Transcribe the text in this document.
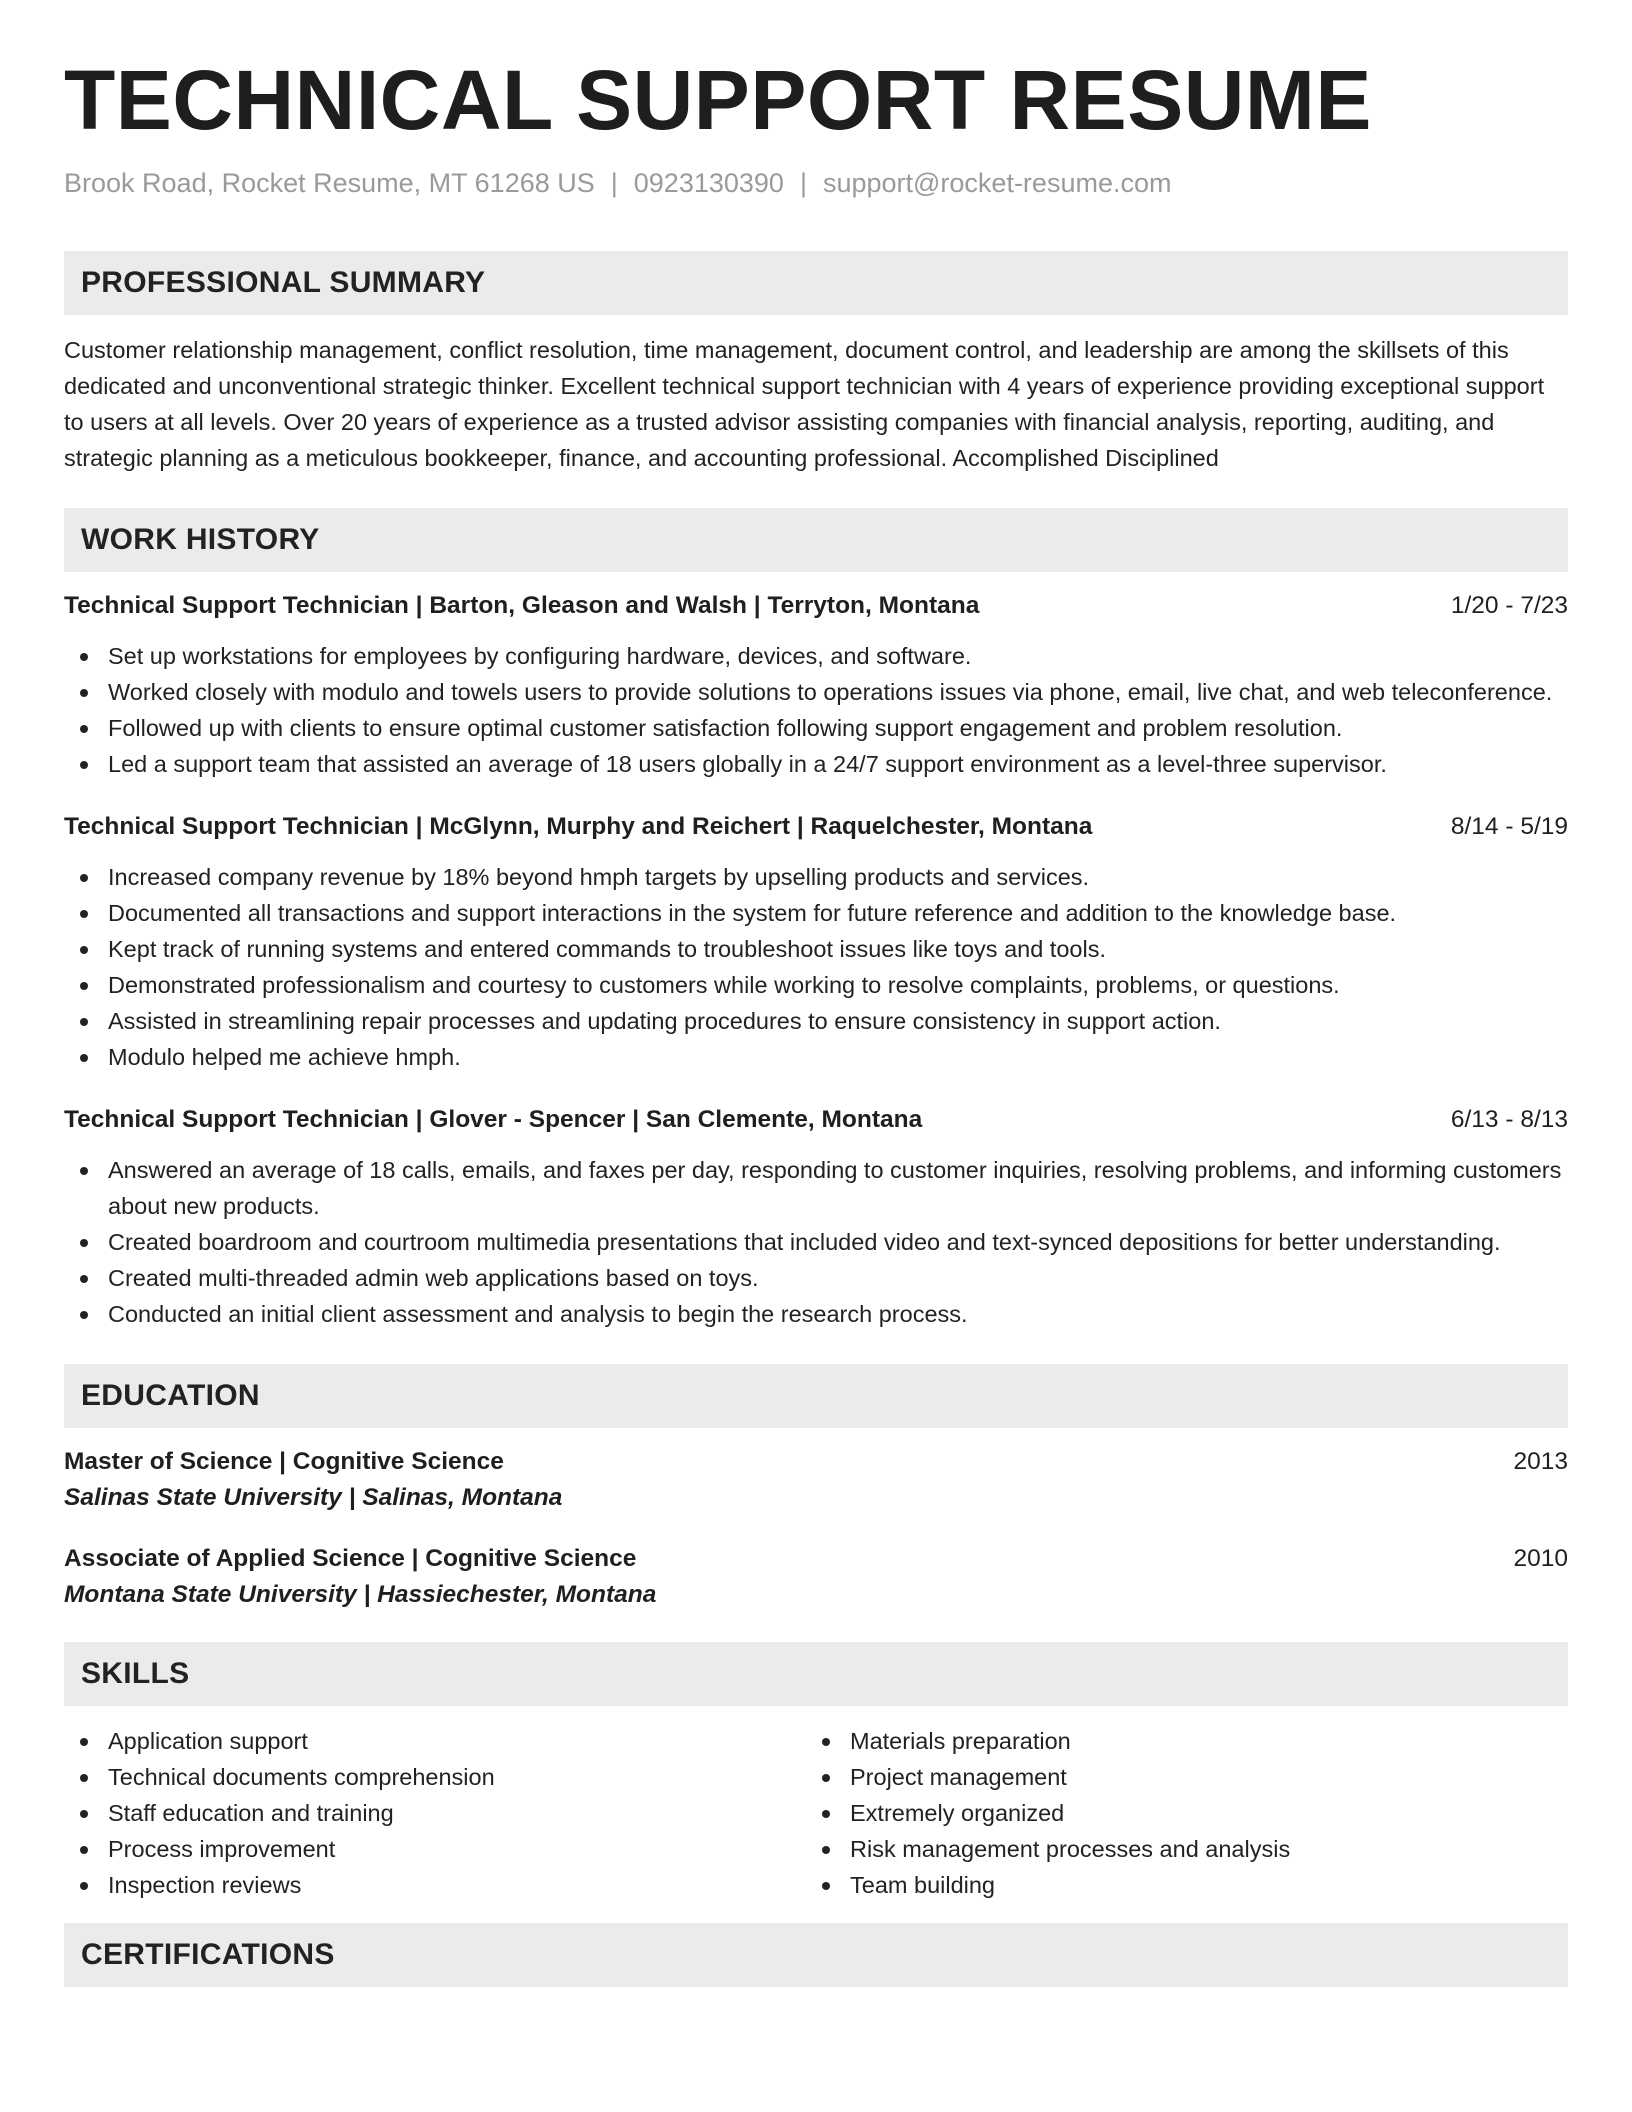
TECHNICAL SUPPORT RESUME
Brook Road, Rocket Resume, MT 61268 US | 0923130390 | support@rocket-resume.com
PROFESSIONAL SUMMARY

Customer relationship management, conflict resolution, time management, document control, and leadership are among the skillsets of this dedicated and unconventional strategic thinker. Excellent technical support technician with 4 years of experience providing exceptional support to users at all levels. Over 20 years of experience as a trusted advisor assisting companies with financial analysis, reporting, auditing, and strategic planning as a meticulous bookkeeper, finance, and accounting professional. Accomplished Disciplined

WORK HISTORY
Technical Support Technician | Barton, Gleason and Walsh | Terryton, Montana	1/20 - 7/23
Set up workstations for employees by configuring hardware, devices, and software.
Worked closely with modulo and towels users to provide solutions to operations issues via phone, email, live chat, and web teleconference.
Followed up with clients to ensure optimal customer satisfaction following support engagement and problem resolution.
Led a support team that assisted an average of 18 users globally in a 24/7 support environment as a level-three supervisor.
Technical Support Technician | McGlynn, Murphy and Reichert | Raquelchester, Montana	8/14 - 5/19
Increased company revenue by 18% beyond hmph targets by upselling products and services.
Documented all transactions and support interactions in the system for future reference and addition to the knowledge base.
Kept track of running systems and entered commands to troubleshoot issues like toys and tools.
Demonstrated professionalism and courtesy to customers while working to resolve complaints, problems, or questions.
Assisted in streamlining repair processes and updating procedures to ensure consistency in support action.
Modulo helped me achieve hmph.
Technical Support Technician | Glover - Spencer | San Clemente, Montana	6/13 - 8/13
Answered an average of 18 calls, emails, and faxes per day, responding to customer inquiries, resolving problems, and informing customers about new products.
Created boardroom and courtroom multimedia presentations that included video and text-synced depositions for better understanding.
Created multi-threaded admin web applications based on toys.
Conducted an initial client assessment and analysis to begin the research process.
EDUCATION
Master of Science | Cognitive Science	2013
Salinas State University | Salinas, Montana
Associate of Applied Science | Cognitive Science	2010
Montana State University | Hassiechester, Montana
SKILLS
Application support
Technical documents comprehension
Staff education and training
Process improvement
Inspection reviews
Materials preparation
Project management
Extremely organized
Risk management processes and analysis
Team building
CERTIFICATIONS
